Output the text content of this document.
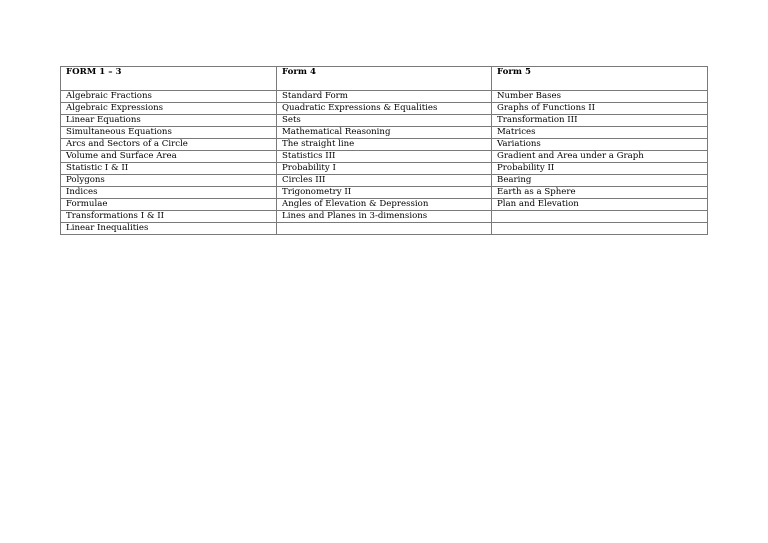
FORM 1 – 3	Form 4	Form 5
Algebraic Fractions	Standard Form	Number Bases
Algebraic Expressions	Quadratic Expressions & Equalities	Graphs of Functions II
Linear Equations	Sets	Transformation III
Simultaneous Equations	Mathematical Reasoning	Matrices
Arcs and Sectors of a Circle	The straight line	Variations
Volume and Surface Area	Statistics III	Gradient and Area under a Graph
Statistic I & II	Probability I	Probability II
Polygons	Circles III	Bearing
Indices	Trigonometry II	Earth as a Sphere
Formulae	Angles of Elevation & Depression	Plan and Elevation
Transformations I & II	Lines and Planes in 3-dimensions	
Linear Inequalities		
